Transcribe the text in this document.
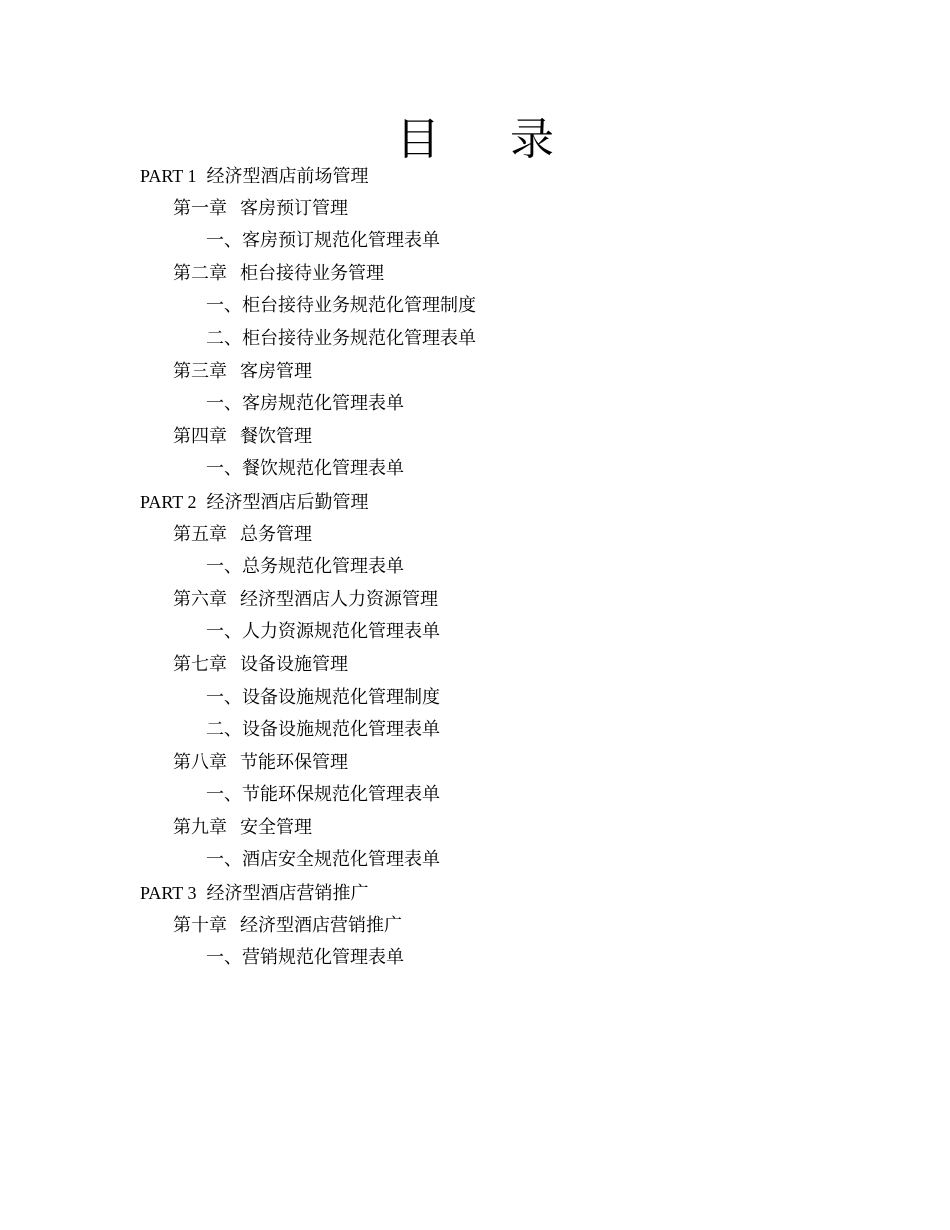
目 录
PART 1 经济型酒店前场管理
第一章 客房预订管理
一、客房预订规范化管理表单
第二章 柜台接待业务管理
一、柜台接待业务规范化管理制度
二、柜台接待业务规范化管理表单
第三章 客房管理
一、客房规范化管理表单
第四章 餐饮管理
一、餐饮规范化管理表单
PART 2 经济型酒店后勤管理
第五章 总务管理
一、总务规范化管理表单
第六章 经济型酒店人力资源管理
一、人力资源规范化管理表单
第七章 设备设施管理
一、设备设施规范化管理制度
二、设备设施规范化管理表单
第八章 节能环保管理
一、节能环保规范化管理表单
第九章 安全管理
一、酒店安全规范化管理表单
PART 3 经济型酒店营销推广
第十章 经济型酒店营销推广
一、营销规范化管理表单
